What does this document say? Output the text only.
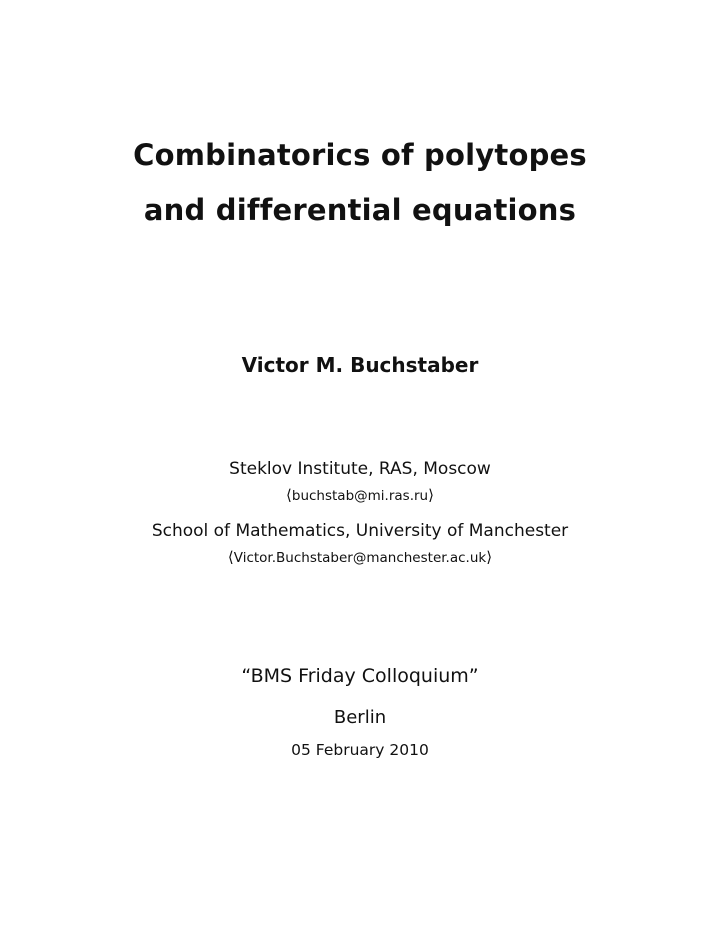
Combinatorics of polytopes
and differential equations
Victor M. Buchstaber
Steklov Institute, RAS, Moscow
⟨buchstab@mi.ras.ru⟩
School of Mathematics, University of Manchester
⟨Victor.Buchstaber@manchester.ac.uk⟩
“BMS Friday Colloquium”
Berlin
05 February 2010
